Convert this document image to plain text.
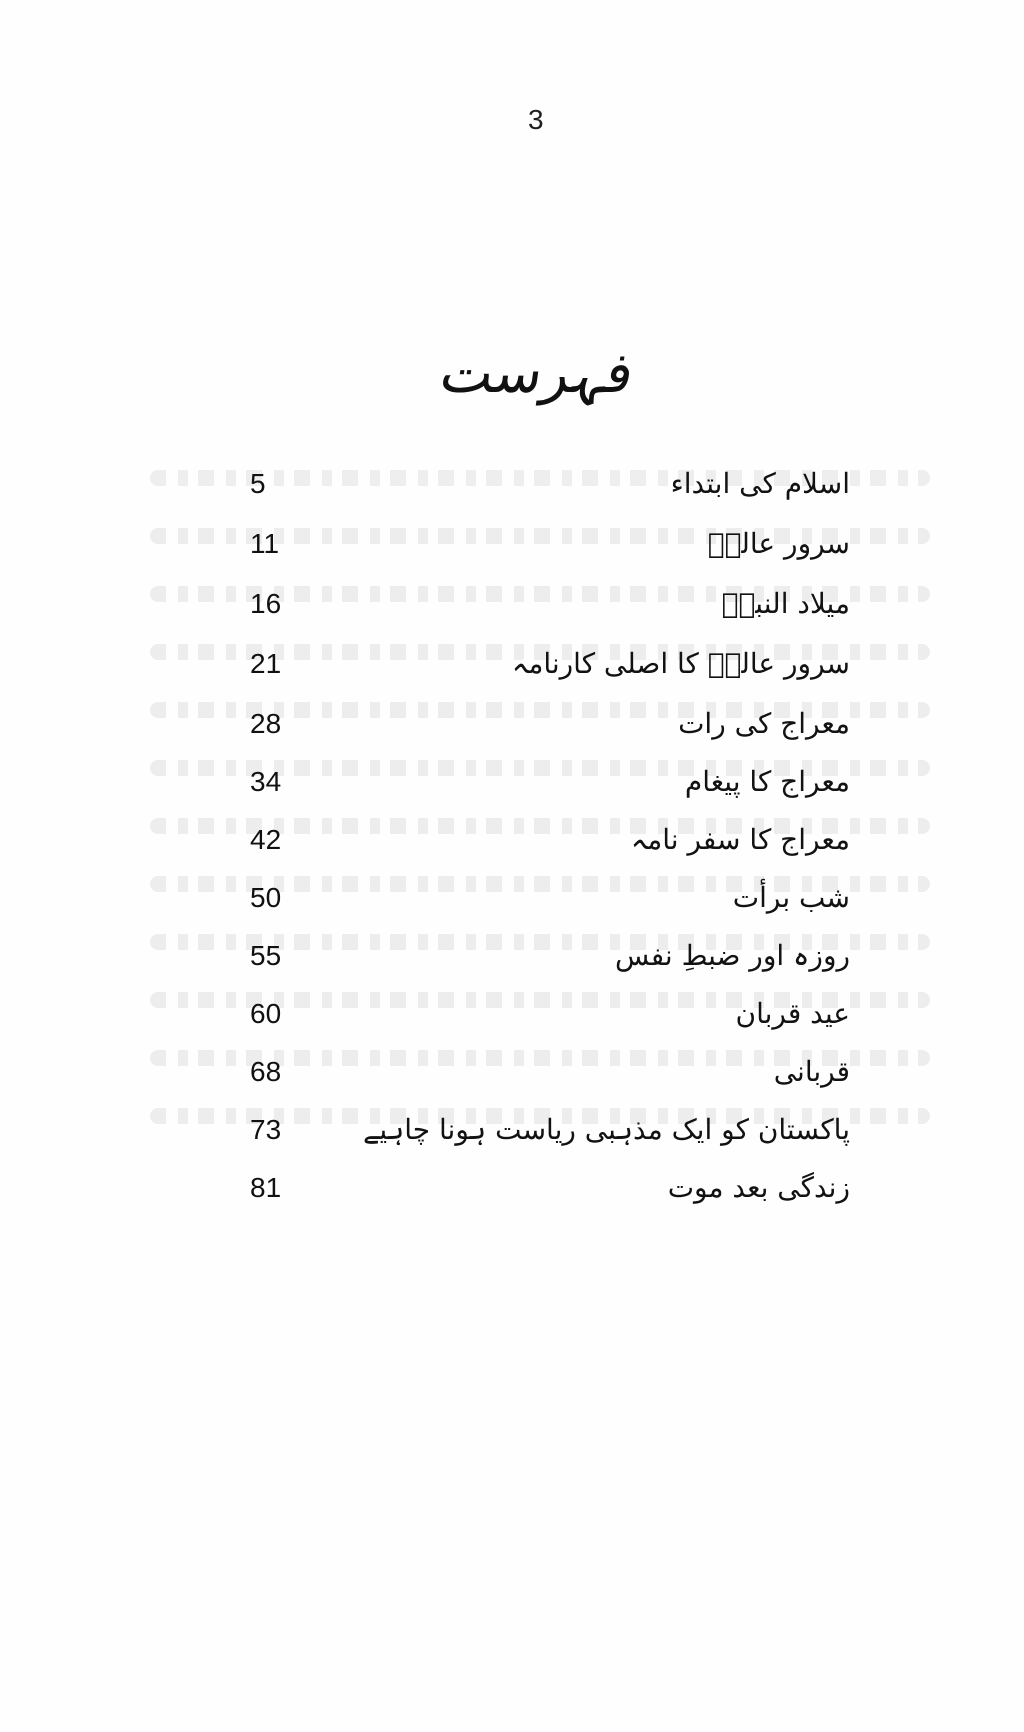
3
فہرست
5	اسلام کی ابتداء
11	سرور عالمؐ
16	میلاد النبیؐ
21	سرور عالمؐ کا اصلی کارنامہ
28	معراج کی رات
34	معراج کا پیغام
42	معراج کا سفر نامہ
50	شب برأت
55	روزہ اور ضبطِ نفس
60	عید قربان
68	قربانی
73	پاکستان کو ایک مذہبی ریاست ہونا چاہیے
81	زندگی بعد موت
